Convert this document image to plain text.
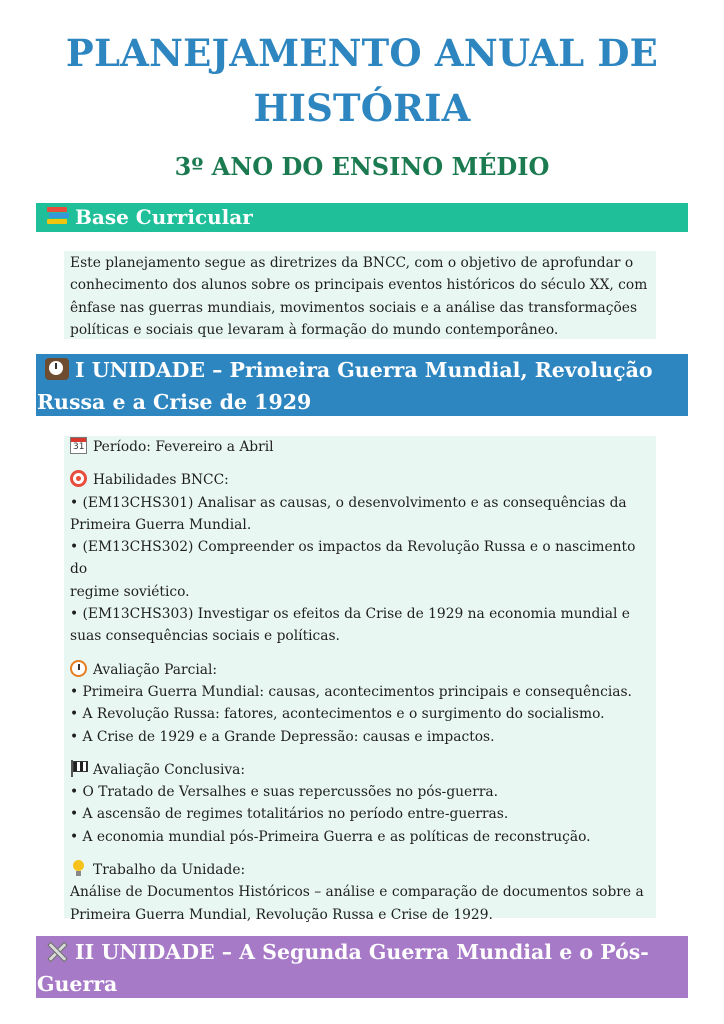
PLANEJAMENTO ANUAL DE
HISTÓRIA
3º ANO DO ENSINO MÉDIO
Base Curricular
Este planejamento segue as diretrizes da BNCC, com o objetivo de aprofundar o
conhecimento dos alunos sobre os principais eventos históricos do século XX, com
ênfase nas guerras mundiais, movimentos sociais e a análise das transformações
políticas e sociais que levaram à formação do mundo contemporâneo.
I UNIDADE – Primeira Guerra Mundial, Revolução
Russa e a Crise de 1929
31 Período: Fevereiro a Abril
Habilidades BNCC:
• (EM13CHS301) Analisar as causas, o desenvolvimento e as consequências da
Primeira Guerra Mundial.
• (EM13CHS302) Compreender os impactos da Revolução Russa e o nascimento do
regime soviético.
• (EM13CHS303) Investigar os efeitos da Crise de 1929 na economia mundial e
suas consequências sociais e políticas.
Avaliação Parcial:
• Primeira Guerra Mundial: causas, acontecimentos principais e consequências.
• A Revolução Russa: fatores, acontecimentos e o surgimento do socialismo.
• A Crise de 1929 e a Grande Depressão: causas e impactos.
Avaliação Conclusiva:
• O Tratado de Versalhes e suas repercussões no pós-guerra.
• A ascensão de regimes totalitários no período entre-guerras.
• A economia mundial pós-Primeira Guerra e as políticas de reconstrução.
Trabalho da Unidade:
Análise de Documentos Históricos – análise e comparação de documentos sobre a
Primeira Guerra Mundial, Revolução Russa e Crise de 1929.
II UNIDADE – A Segunda Guerra Mundial e o Pós-
Guerra
